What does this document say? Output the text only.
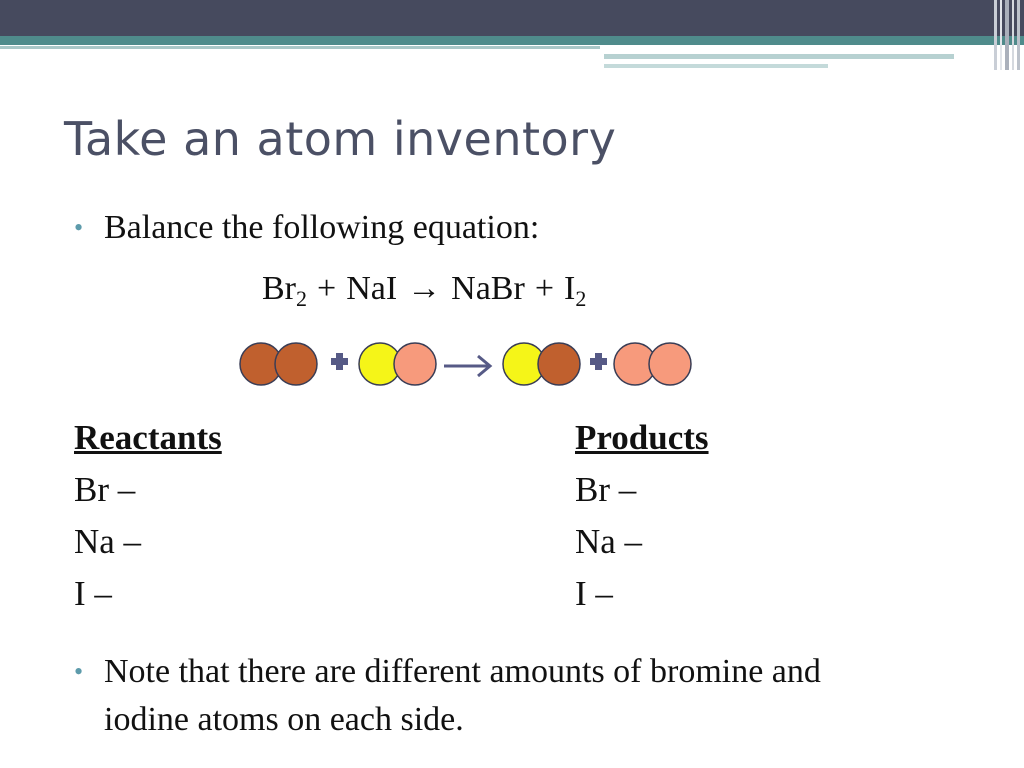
Take an atom inventory
• Balance the following equation:
$Br_2$ + NaI → NaBr + $I_2$
Reactants
Br –
Na –
I –
Products
Br –
Na –
I –
• Note that there are different amounts of bromine and iodine atoms on each side.
